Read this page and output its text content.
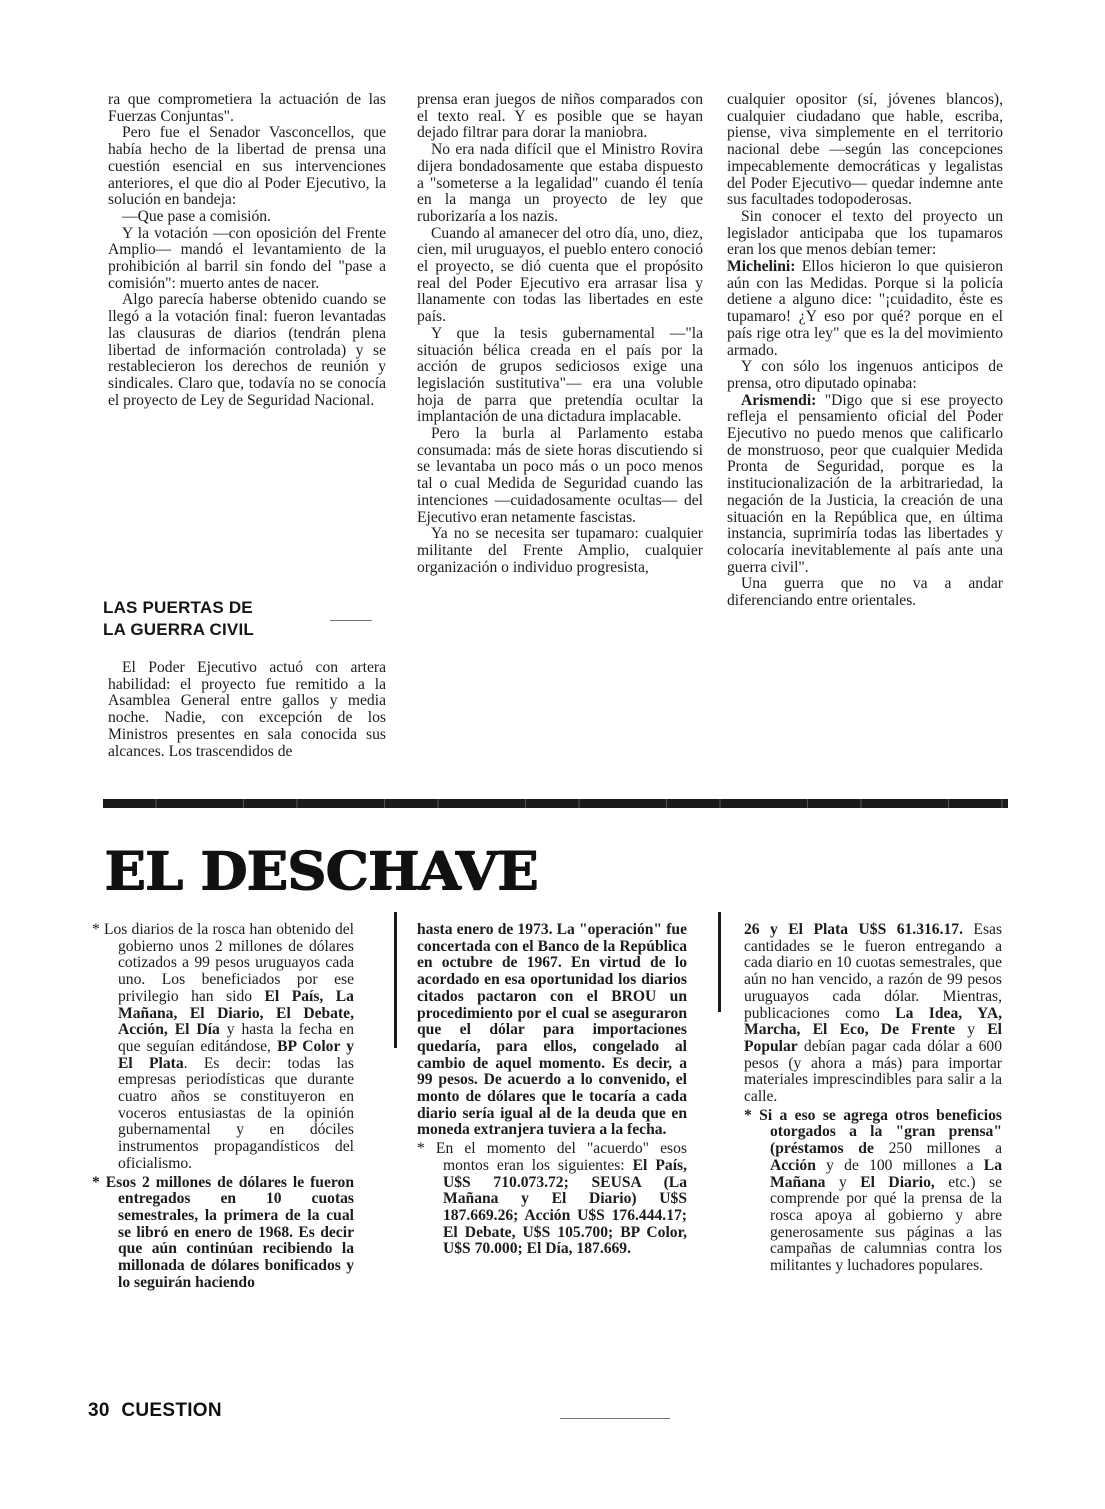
ra que comprometiera la actuación de las Fuerzas Conjuntas".

Pero fue el Senador Vasconcellos, que había hecho de la libertad de prensa una cuestión esencial en sus intervenciones anteriores, el que dio al Poder Ejecutivo, la solución en bandeja:

—Que pase a comisión.

Y la votación —con oposición del Frente Amplio— mandó el levantamiento de la prohibición al barril sin fondo del "pase a comisión": muerto antes de nacer.

Algo parecía haberse obtenido cuando se llegó a la votación final: fueron levantadas las clausuras de diarios (tendrán plena libertad de información controlada) y se restablecieron los derechos de reunión y sindicales. Claro que, todavía no se conocía el proyecto de Ley de Seguridad Nacional.

LAS PUERTAS DE
LA GUERRA CIVIL

El Poder Ejecutivo actuó con artera habilidad: el proyecto fue remitido a la Asamblea General entre gallos y media noche. Nadie, con excepción de los Ministros presentes en sala conocida sus alcances. Los trascendidos de

prensa eran juegos de niños comparados con el texto real. Y es posible que se hayan dejado filtrar para dorar la maniobra.

No era nada difícil que el Ministro Rovira dijera bondadosamente que estaba dispuesto a "someterse a la legalidad" cuando él tenía en la manga un proyecto de ley que ruborizaría a los nazis.

Cuando al amanecer del otro día, uno, diez, cien, mil uruguayos, el pueblo entero conoció el proyecto, se dió cuenta que el propósito real del Poder Ejecutivo era arrasar lisa y llanamente con todas las libertades en este país.

Y que la tesis gubernamental —"la situación bélica creada en el país por la acción de grupos sediciosos exige una legislación sustitutiva"— era una voluble hoja de parra que pretendía ocultar la implantación de una dictadura implacable.

Pero la burla al Parlamento estaba consumada: más de siete horas discutiendo si se levantaba un poco más o un poco menos tal o cual Medida de Seguridad cuando las intenciones —cuidadosamente ocultas— del Ejecutivo eran netamente fascistas.

Ya no se necesita ser tupamaro: cualquier militante del Frente Amplio, cualquier organización o individuo progresista,

cualquier opositor (sí, jóvenes blancos), cualquier ciudadano que hable, escriba, piense, viva simplemente en el territorio nacional debe —según las concepciones impecablemente democráticas y legalistas del Poder Ejecutivo— quedar indemne ante sus facultades todopoderosas.

Sin conocer el texto del proyecto un legislador anticipaba que los tupamaros eran los que menos debían temer:

Michelini: Ellos hicieron lo que quisieron aún con las Medidas. Porque si la policía detiene a alguno dice: "¡cuidadito, éste es tupamaro! ¿Y eso por qué? porque en el país rige otra ley" que es la del movimiento armado.

Y con sólo los ingenuos anticipos de prensa, otro diputado opinaba:

Arismendi: "Digo que si ese proyecto refleja el pensamiento oficial del Poder Ejecutivo no puedo menos que calificarlo de monstruoso, peor que cualquier Medida Pronta de Seguridad, porque es la institucionalización de la arbitrariedad, la negación de la Justicia, la creación de una situación en la República que, en última instancia, suprimiría todas las libertades y colocaría inevitablemente al país ante una guerra civil".

Una guerra que no va a andar diferenciando entre orientales.

EL DESCHAVE

* Los diarios de la rosca han obtenido del gobierno unos 2 millones de dólares cotizados a 99 pesos uruguayos cada uno. Los beneficiados por ese privilegio han sido El País, La Mañana, El Diario, El Debate, Acción, El Día y hasta la fecha en que seguían editándose, BP Color y El Plata. Es decir: todas las empresas periodísticas que durante cuatro años se constituyeron en voceros entusiastas de la opinión gubernamental y en dóciles instrumentos propagandísticos del oficialismo.

* Esos 2 millones de dólares le fueron entregados en 10 cuotas semestrales, la primera de la cual se libró en enero de 1968. Es decir que aún continúan recibiendo la millonada de dólares bonificados y lo seguirán haciendo

hasta enero de 1973. La "operación" fue concertada con el Banco de la República en octubre de 1967. En virtud de lo acordado en esa oportunidad los diarios citados pactaron con el BROU un procedimiento por el cual se aseguraron que el dólar para importaciones quedaría, para ellos, congelado al cambio de aquel momento. Es decir, a 99 pesos. De acuerdo a lo convenido, el monto de dólares que le tocaría a cada diario sería igual al de la deuda que en moneda extranjera tuviera a la fecha.

* En el momento del "acuerdo" esos montos eran los siguientes: El País, U$S 710.073.72; SEUSA (La Mañana y El Diario) U$S 187.669.26; Acción U$S 176.444.17; El Debate, U$S 105.700; BP Color, U$S 70.000; El Día, 187.669.

26 y El Plata U$S 61.316.17. Esas cantidades se le fueron entregando a cada diario en 10 cuotas semestrales, que aún no han vencido, a razón de 99 pesos uruguayos cada dólar. Mientras, publicaciones como La Idea, YA, Marcha, El Eco, De Frente y El Popular debían pagar cada dólar a 600 pesos (y ahora a más) para importar materiales imprescindibles para salir a la calle.

* Si a eso se agrega otros beneficios otorgados a la "gran prensa" (préstamos de 250 millones a Acción y de 100 millones a La Mañana y El Diario, etc.) se comprende por qué la prensa de la rosca apoya al gobierno y abre generosamente sus páginas a las campañas de calumnias contra los militantes y luchadores populares.

30 CUESTION
